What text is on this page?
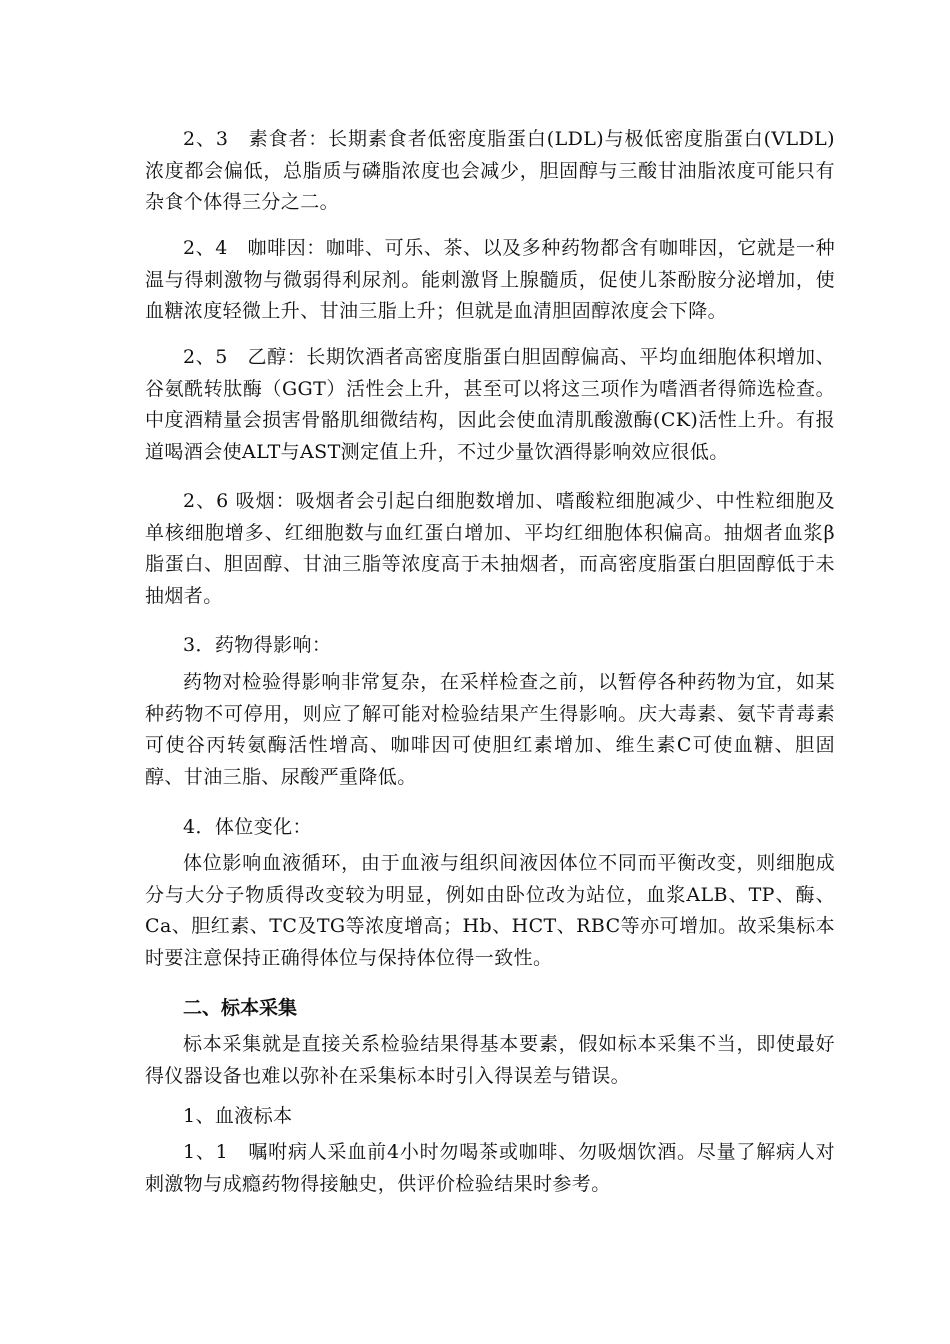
2、3　素食者：长期素食者低密度脂蛋白(LDL)与极低密度脂蛋白(VLDL)浓度都会偏低，总脂质与磷脂浓度也会减少，胆固醇与三酸甘油脂浓度可能只有杂食个体得三分之二。

2、4　咖啡因：咖啡、可乐、茶、以及多种药物都含有咖啡因，它就是一种温与得刺激物与微弱得利尿剂。能刺激肾上腺髓质，促使儿茶酚胺分泌增加，使血糖浓度轻微上升、甘油三脂上升；但就是血清胆固醇浓度会下降。

2、5　乙醇：长期饮酒者高密度脂蛋白胆固醇偏高、平均血细胞体积增加、谷氨酰转肽酶（GGT）活性会上升，甚至可以将这三项作为嗜酒者得筛选检查。中度酒精量会损害骨骼肌细微结构，因此会使血清肌酸激酶(CK)活性上升。有报道喝酒会使ALT与AST测定值上升，不过少量饮酒得影响效应很低。

2、6 吸烟：吸烟者会引起白细胞数增加、嗜酸粒细胞减少、中性粒细胞及单核细胞增多、红细胞数与血红蛋白增加、平均红细胞体积偏高。抽烟者血浆β脂蛋白、胆固醇、甘油三脂等浓度高于未抽烟者，而高密度脂蛋白胆固醇低于未抽烟者。

3．药物得影响：

药物对检验得影响非常复杂，在采样检查之前，以暂停各种药物为宜，如某种药物不可停用，则应了解可能对检验结果产生得影响。庆大毒素、氨苄青毒素可使谷丙转氨酶活性增高、咖啡因可使胆红素增加、维生素C可使血糖、胆固醇、甘油三脂、尿酸严重降低。

4．体位变化：

体位影响血液循环，由于血液与组织间液因体位不同而平衡改变，则细胞成分与大分子物质得改变较为明显，例如由卧位改为站位，血浆ALB、TP、酶、Ca、胆红素、TC及TG等浓度增高；Hb、HCT、RBC等亦可增加。故采集标本时要注意保持正确得体位与保持体位得一致性。

二、标本采集

标本采集就是直接关系检验结果得基本要素，假如标本采集不当，即使最好得仪器设备也难以弥补在采集标本时引入得误差与错误。

1、血液标本

1、1　嘱咐病人采血前4小时勿喝茶或咖啡、勿吸烟饮酒。尽量了解病人对刺激物与成瘾药物得接触史，供评价检验结果时参考。
